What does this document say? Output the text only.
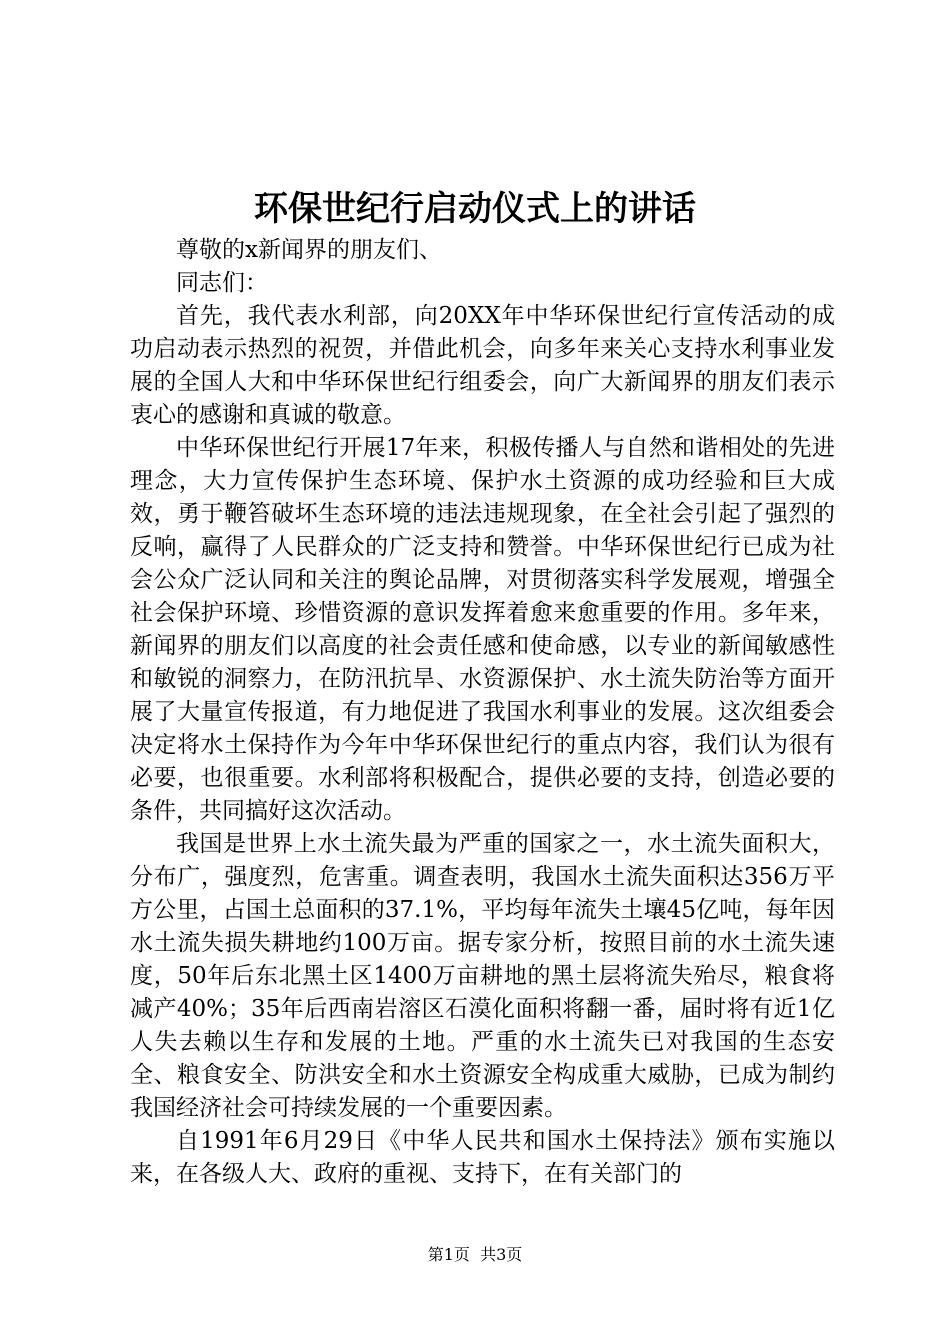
环保世纪行启动仪式上的讲话

尊敬的x新闻界的朋友们、

同志们：

首先，我代表水利部，向20XX年中华环保世纪行宣传活动的成功启动表示热烈的祝贺，并借此机会，向多年来关心支持水利事业发展的全国人大和中华环保世纪行组委会，向广大新闻界的朋友们表示衷心的感谢和真诚的敬意。

中华环保世纪行开展17年来，积极传播人与自然和谐相处的先进理念，大力宣传保护生态环境、保护水土资源的成功经验和巨大成效，勇于鞭笞破坏生态环境的违法违规现象，在全社会引起了强烈的反响，赢得了人民群众的广泛支持和赞誉。中华环保世纪行已成为社会公众广泛认同和关注的舆论品牌，对贯彻落实科学发展观，增强全社会保护环境、珍惜资源的意识发挥着愈来愈重要的作用。多年来，新闻界的朋友们以高度的社会责任感和使命感，以专业的新闻敏感性和敏锐的洞察力，在防汛抗旱、水资源保护、水土流失防治等方面开展了大量宣传报道，有力地促进了我国水利事业的发展。这次组委会决定将水土保持作为今年中华环保世纪行的重点内容，我们认为很有必要，也很重要。水利部将积极配合，提供必要的支持，创造必要的条件，共同搞好这次活动。

我国是世界上水土流失最为严重的国家之一，水土流失面积大，分布广，强度烈，危害重。调查表明，我国水土流失面积达356万平方公里，占国土总面积的37.1%，平均每年流失土壤45亿吨，每年因水土流失损失耕地约100万亩。据专家分析，按照目前的水土流失速度，50年后东北黑土区1400万亩耕地的黑土层将流失殆尽，粮食将减产40%；35年后西南岩溶区石漠化面积将翻一番，届时将有近1亿人失去赖以生存和发展的土地。严重的水土流失已对我国的生态安全、粮食安全、防洪安全和水土资源安全构成重大威胁，已成为制约我国经济社会可持续发展的一个重要因素。

自1991年6月29日《中华人民共和国水土保持法》颁布实施以来，在各级人大、政府的重视、支持下，在有关部门的

第1页 共3页
